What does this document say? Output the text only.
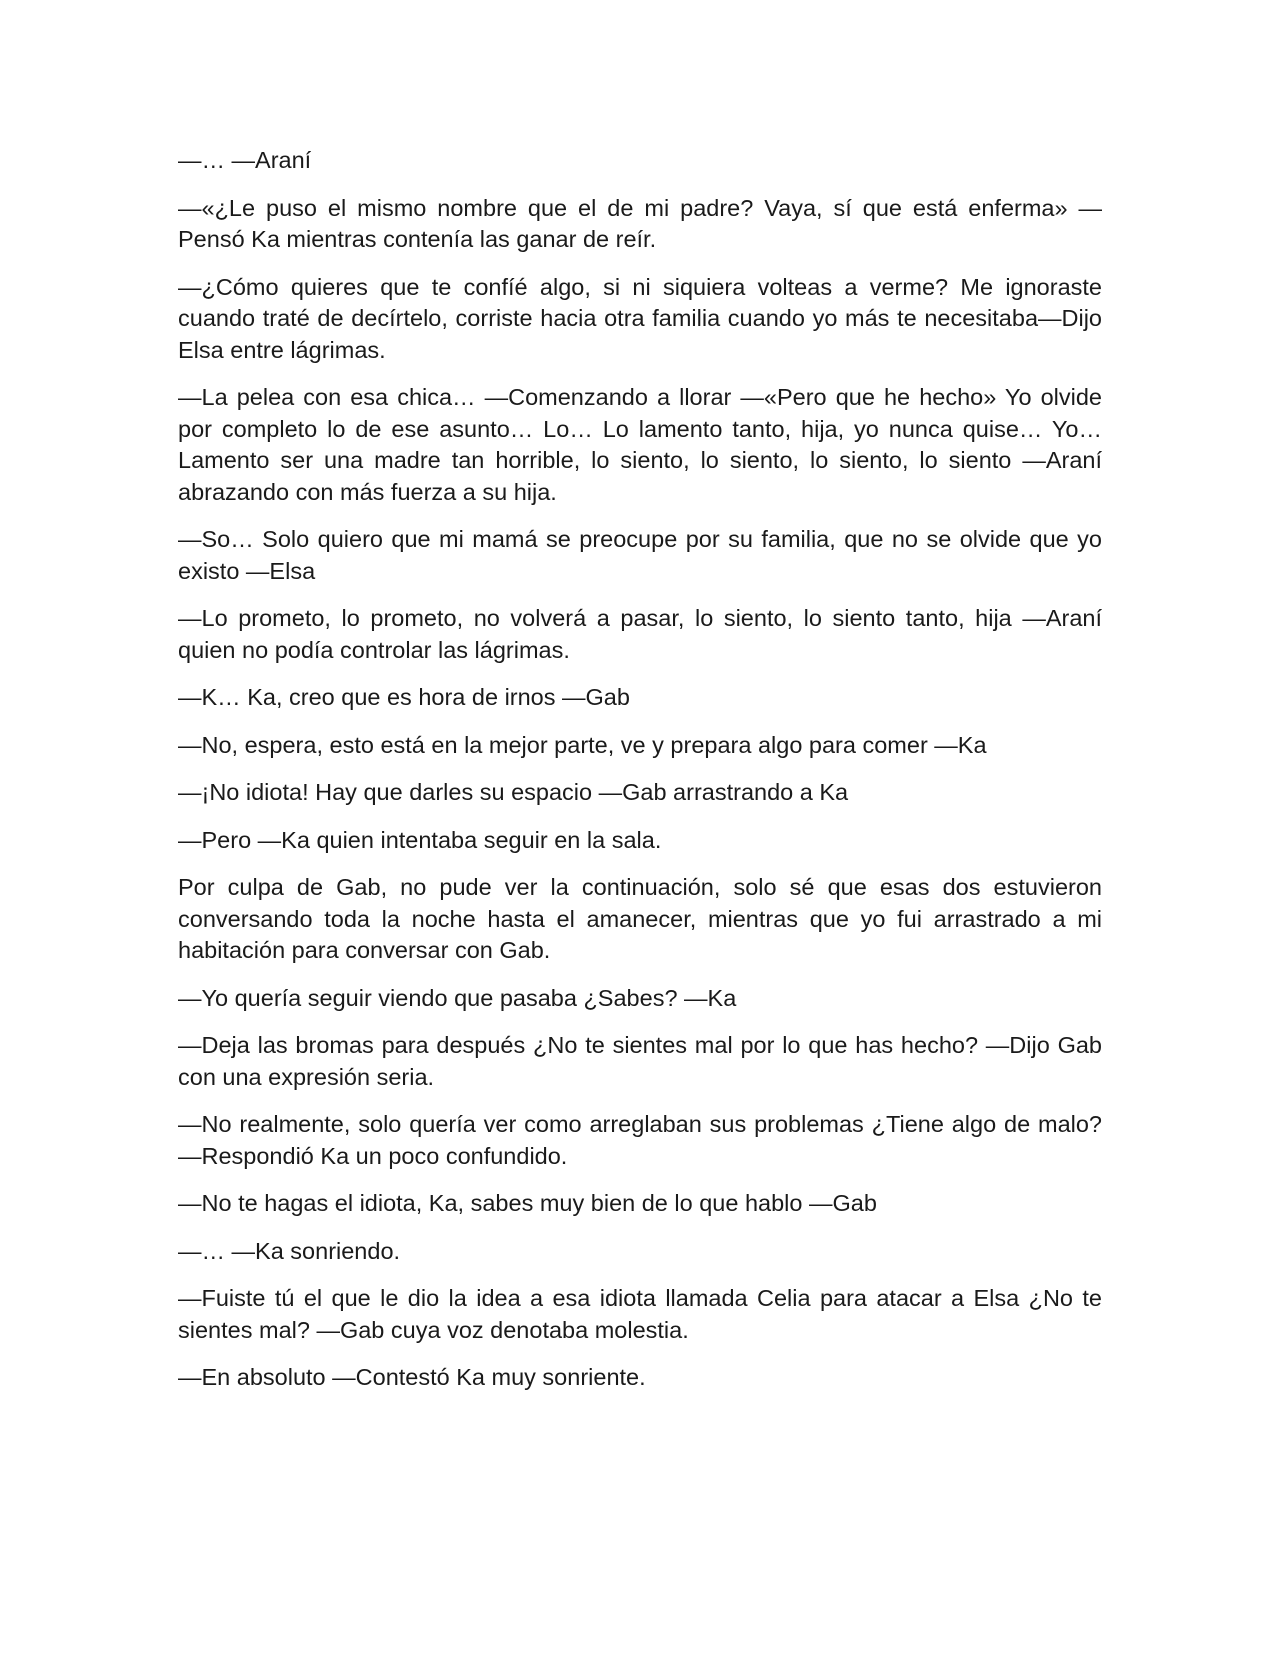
—… —Araní

—«¿Le puso el mismo nombre que el de mi padre? Vaya, sí que está enferma» —Pensó Ka mientras contenía las ganar de reír.

—¿Cómo quieres que te confíé algo, si ni siquiera volteas a verme? Me ignoraste cuando traté de decírtelo, corriste hacia otra familia cuando yo más te necesitaba—Dijo Elsa entre lágrimas.

—La pelea con esa chica… —Comenzando a llorar —«Pero que he hecho» Yo olvide por completo lo de ese asunto… Lo… Lo lamento tanto, hija, yo nunca quise… Yo… Lamento ser una madre tan horrible, lo siento, lo siento, lo siento, lo siento —Araní abrazando con más fuerza a su hija.

—So… Solo quiero que mi mamá se preocupe por su familia, que no se olvide que yo existo —Elsa

—Lo prometo, lo prometo, no volverá a pasar, lo siento, lo siento tanto, hija —Araní quien no podía controlar las lágrimas.

—K… Ka, creo que es hora de irnos —Gab

—No, espera, esto está en la mejor parte, ve y prepara algo para comer —Ka

—¡No idiota! Hay que darles su espacio —Gab arrastrando a Ka

—Pero —Ka quien intentaba seguir en la sala.

Por culpa de Gab, no pude ver la continuación, solo sé que esas dos estuvieron conversando toda la noche hasta el amanecer, mientras que yo fui arrastrado a mi habitación para conversar con Gab.

—Yo quería seguir viendo que pasaba ¿Sabes? —Ka

—Deja las bromas para después ¿No te sientes mal por lo que has hecho? —Dijo Gab con una expresión seria.

—No realmente, solo quería ver como arreglaban sus problemas ¿Tiene algo de malo? —Respondió Ka un poco confundido.

—No te hagas el idiota, Ka, sabes muy bien de lo que hablo —Gab

—… —Ka sonriendo.

—Fuiste tú el que le dio la idea a esa idiota llamada Celia para atacar a Elsa ¿No te sientes mal? —Gab cuya voz denotaba molestia.

—En absoluto —Contestó Ka muy sonriente.
